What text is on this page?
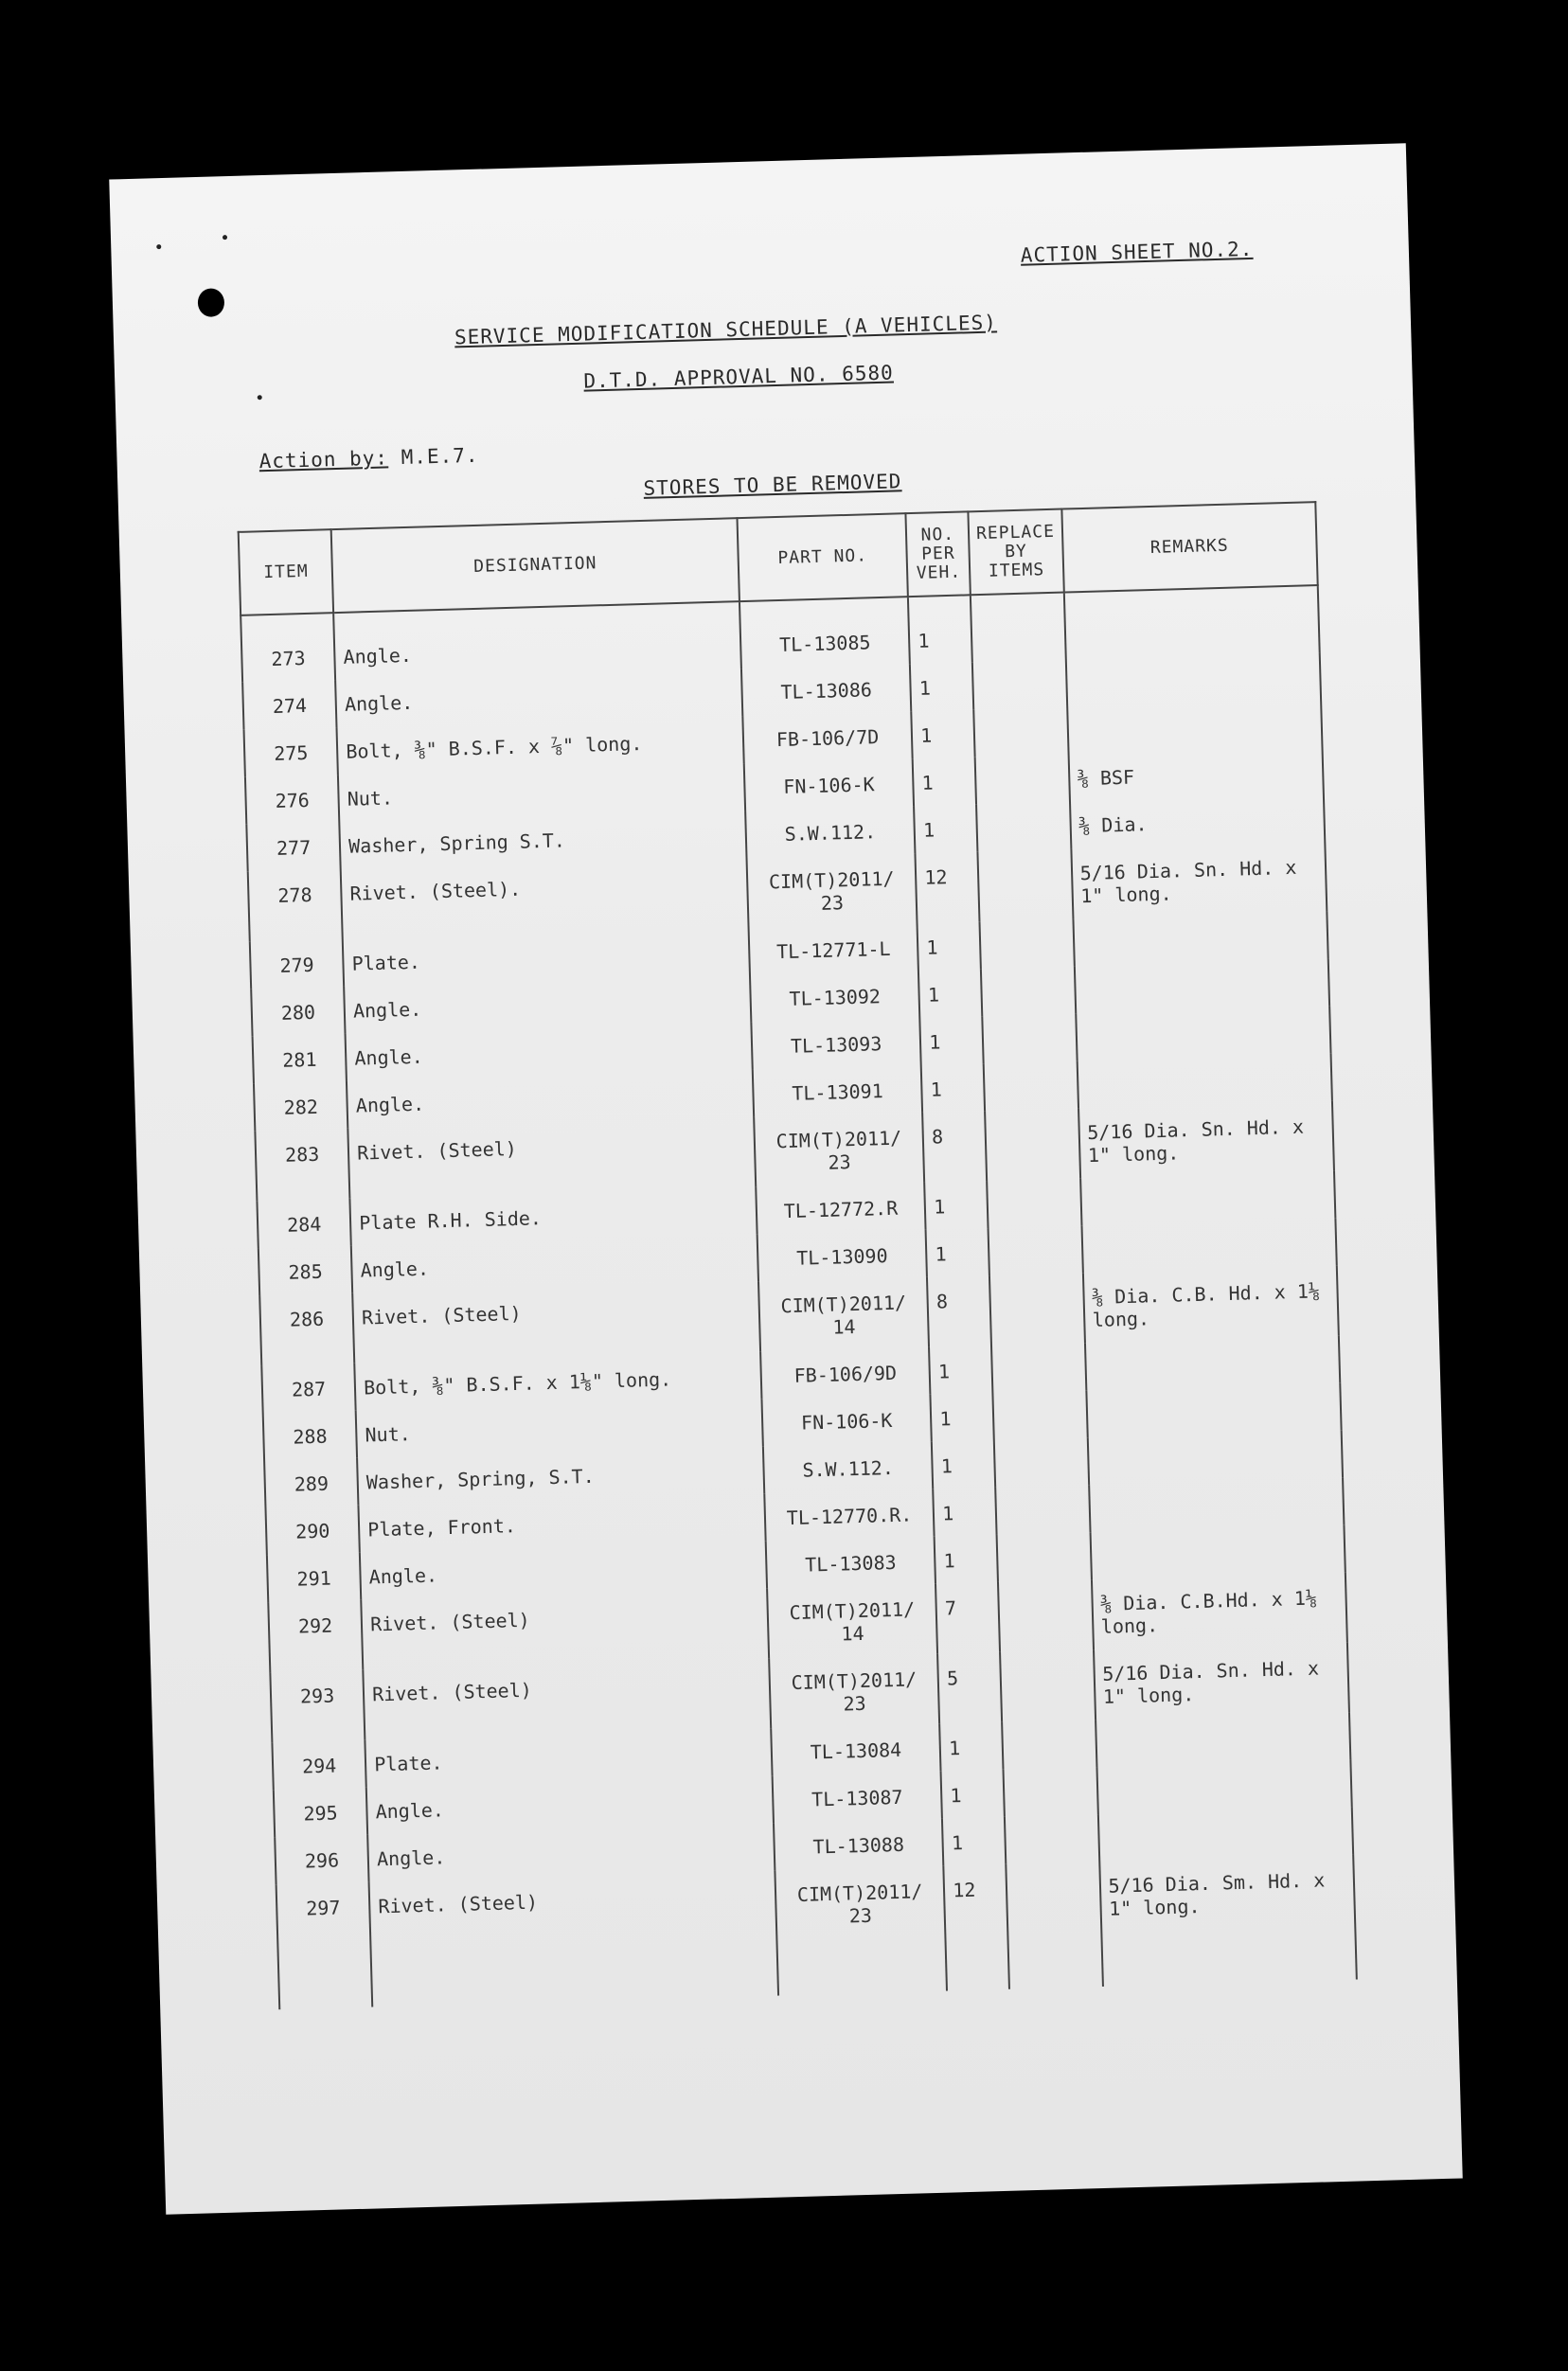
ACTION SHEET NO.2.
SERVICE MODIFICATION SCHEDULE (A VEHICLES)
D.T.D. APPROVAL NO. 6580
Action by: M.E.7.
STORES TO BE REMOVED
ITEM	DESIGNATION	PART NO.	NO. PER VEH.	REPLACE BY ITEMS	REMARKS
273	Angle.	TL-13085	1		
274	Angle.	TL-13086	1		
275	Bolt, ⅜" B.S.F. x ⅞" long.	FB-106/7D	1		
276	Nut.	FN-106-K	1		⅜ BSF
277	Washer, Spring S.T.	S.W.112.	1		⅜ Dia.
278	Rivet. (Steel).	CIM(T)2011/ 23	12		5/16 Dia. Sn. Hd. x 1" long.
279	Plate.	TL-12771-L	1		
280	Angle.	TL-13092	1		
281	Angle.	TL-13093	1		
282	Angle.	TL-13091	1		
283	Rivet. (Steel)	CIM(T)2011/ 23	8		5/16 Dia. Sn. Hd. x 1" long.
284	Plate R.H. Side.	TL-12772.R	1		
285	Angle.	TL-13090	1		
286	Rivet. (Steel)	CIM(T)2011/ 14	8		⅜ Dia. C.B. Hd. x 1⅛ long.
287	Bolt, ⅜" B.S.F. x 1⅛" long.	FB-106/9D	1		
288	Nut.	FN-106-K	1		
289	Washer, Spring, S.T.	S.W.112.	1		
290	Plate, Front.	TL-12770.R.	1		
291	Angle.	TL-13083	1		
292	Rivet. (Steel)	CIM(T)2011/ 14	7		⅜ Dia. C.B.Hd. x 1⅛ long.
293	Rivet. (Steel)	CIM(T)2011/ 23	5		5/16 Dia. Sn. Hd. x 1" long.
294	Plate.	TL-13084	1		
295	Angle.	TL-13087	1		
296	Angle.	TL-13088	1		
297	Rivet. (Steel)	CIM(T)2011/ 23	12		5/16 Dia. Sm. Hd. x 1" long.
